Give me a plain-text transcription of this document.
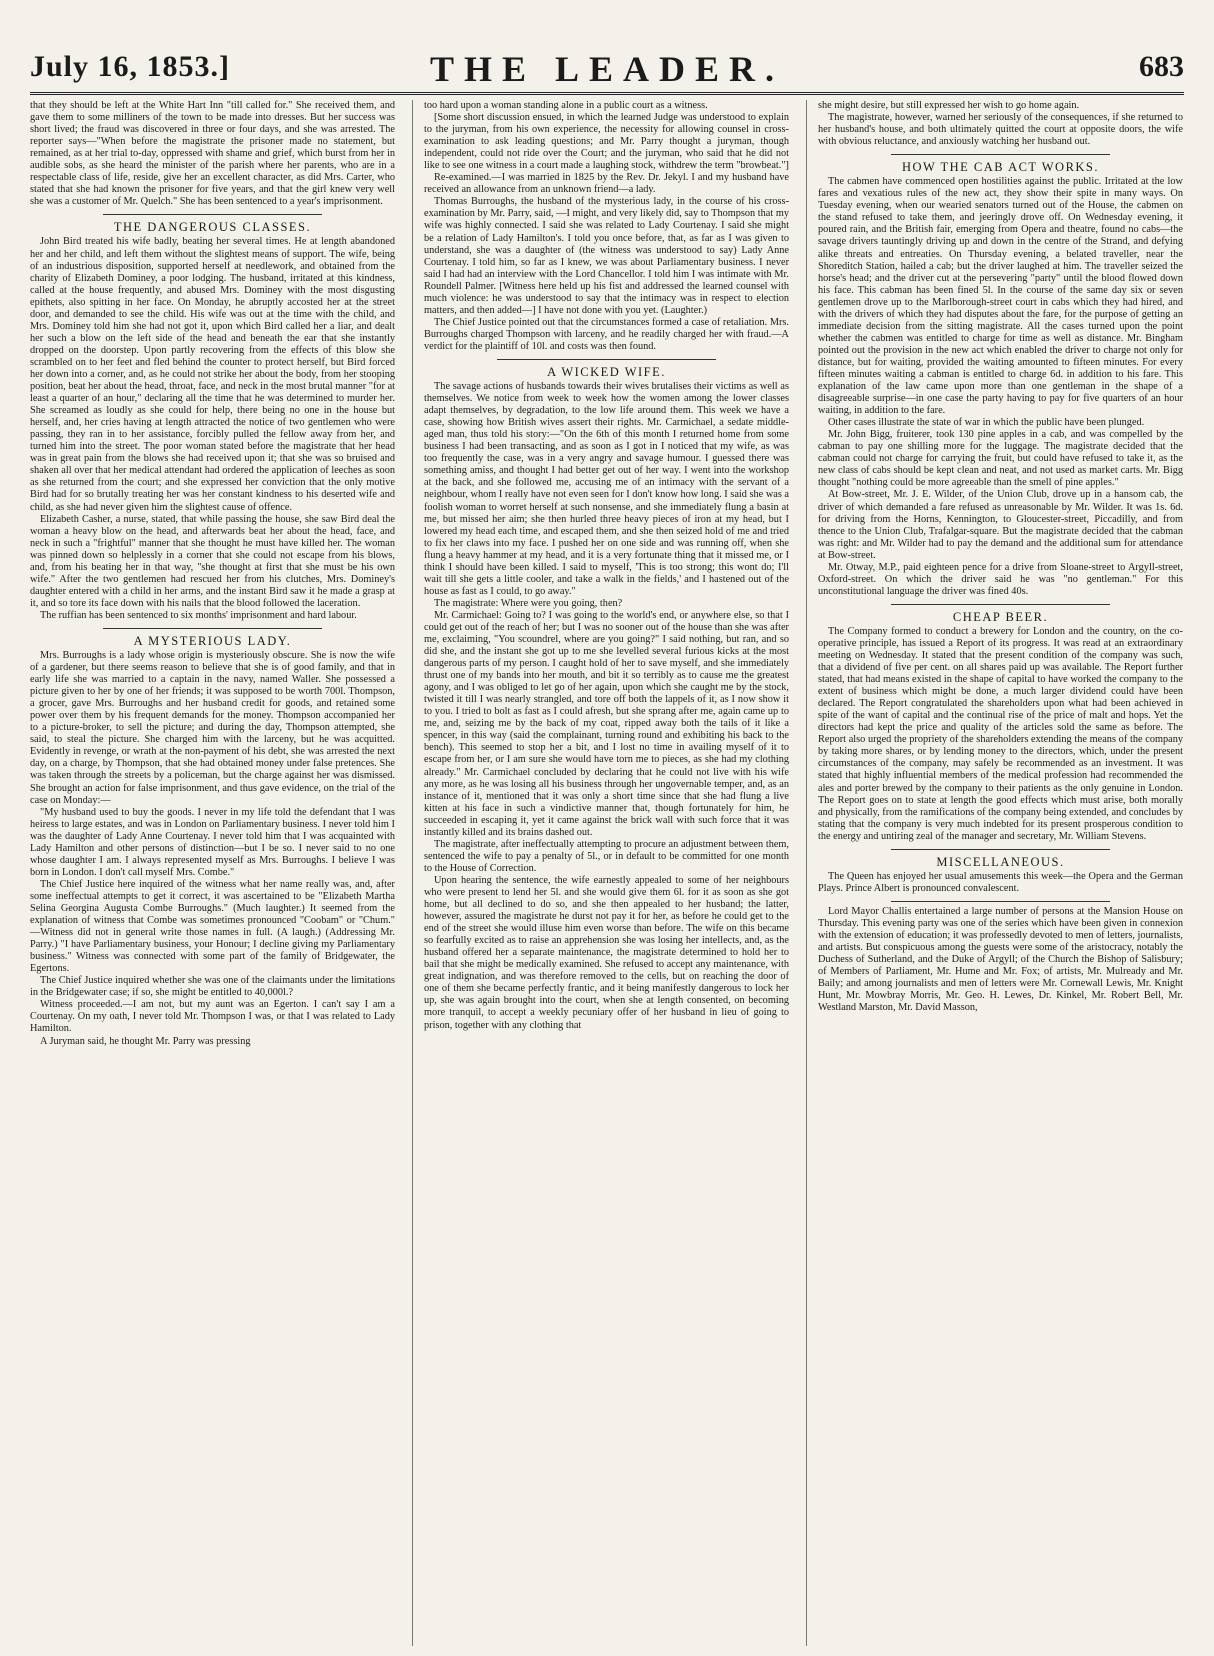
July 16, 1853.]	THE LEADER.	683

that they should be left at the White Hart Inn "till called for." She received them, and gave them to some milliners of the town to be made into dresses. But her success was short lived; the fraud was discovered in three or four days, and she was arrested. The reporter says—"When before the magistrate the prisoner made no statement, but remained, as at her trial to-day, oppressed with shame and grief, which burst from her in audible sobs, as she heard the minister of the parish where her parents, who are in a respectable class of life, reside, give her an excellent character, as did Mrs. Carter, who stated that she had known the prisoner for five years, and that the girl knew very well she was a customer of Mr. Quelch." She has been sentenced to a year's imprisonment.

THE DANGEROUS CLASSES.

John Bird treated his wife badly, beating her several times. He at length abandoned her and her child, and left them without the slightest means of support. The wife, being of an industrious disposition, supported herself at needlework, and obtained from the charity of Elizabeth Dominey, a poor lodging. The husband, irritated at this kindness, called at the house frequently, and abused Mrs. Dominey with the most disgusting epithets, also spitting in her face. On Monday, he abruptly accosted her at the street door, and demanded to see the child. His wife was out at the time with the child, and Mrs. Dominey told him she had not got it, upon which Bird called her a liar, and dealt her such a blow on the left side of the head and beneath the ear that she instantly dropped on the doorstep. Upon partly recovering from the effects of this blow she scrambled on to her feet and fled behind the counter to protect herself, but Bird forced her down into a corner, and, as he could not strike her about the body, from her stooping position, beat her about the head, throat, face, and neck in the most brutal manner "for at least a quarter of an hour," declaring all the time that he was determined to murder her. She screamed as loudly as she could for help, there being no one in the house but herself, and, her cries having at length attracted the notice of two gentlemen who were passing, they ran in to her assistance, forcibly pulled the fellow away from her, and turned him into the street. The poor woman stated before the magistrate that her head was in great pain from the blows she had received upon it; that she was so bruised and shaken all over that her medical attendant had ordered the application of leeches as soon as she returned from the court; and she expressed her conviction that the only motive Bird had for so brutally treating her was her constant kindness to his deserted wife and child, as she had never given him the slightest cause of offence.

Elizabeth Casher, a nurse, stated, that while passing the house, she saw Bird deal the woman a heavy blow on the head, and afterwards beat her about the head, face, and neck in such a "frightful" manner that she thought he must have killed her. The woman was pinned down so helplessly in a corner that she could not escape from his blows, and, from his beating her in that way, "she thought at first that she must be his own wife." After the two gentlemen had rescued her from his clutches, Mrs. Dominey's daughter entered with a child in her arms, and the instant Bird saw it he made a grasp at it, and so tore its face down with his nails that the blood followed the laceration.

The ruffian has been sentenced to six months' imprisonment and hard labour.

A MYSTERIOUS LADY.

Mrs. Burroughs is a lady whose origin is mysteriously obscure. She is now the wife of a gardener, but there seems reason to believe that she is of good family, and that in early life she was married to a captain in the navy, named Waller. She possessed a picture given to her by one of her friends; it was supposed to be worth 700l. Thompson, a grocer, gave Mrs. Burroughs and her husband credit for goods, and retained some power over them by his frequent demands for the money. Thompson accompanied her to a picture-broker, to sell the picture; and during the day, Thompson attempted, she said, to steal the picture. She charged him with the larceny, but he was acquitted. Evidently in revenge, or wrath at the non-payment of his debt, she was arrested the next day, on a charge, by Thompson, that she had obtained money under false pretences. She was taken through the streets by a policeman, but the charge against her was dismissed. She brought an action for false imprisonment, and thus gave evidence, on the trial of the case on Monday:—

"My husband used to buy the goods. I never in my life told the defendant that I was heiress to large estates, and was in London on Parliamentary business. I never told him I was the daughter of Lady Anne Courtenay. I never told him that I was acquainted with Lady Hamilton and other persons of distinction—but I be so. I never said to no one whose daughter I am. I always represented myself as Mrs. Burroughs. I believe I was born in London. I don't call myself Mrs. Combe."

The Chief Justice here inquired of the witness what her name really was, and, after some ineffectual attempts to get it correct, it was ascertained to be "Elizabeth Martha Selina Georgina Augusta Combe Burroughs." (Much laughter.) It seemed from the explanation of witness that Combe was sometimes pronounced "Coobam" or "Chum." —Witness did not in general write those names in full. (A laugh.) (Addressing Mr. Parry.) "I have Parliamentary business, your Honour; I decline giving my Parliamentary business." Witness was connected with some part of the family of Bridgewater, the Egertons.

The Chief Justice inquired whether she was one of the claimants under the limitations in the Bridgewater case; if so, she might be entitled to 40,000l.?

Witness proceeded.—I am not, but my aunt was an Egerton. I can't say I am a Courtenay. On my oath, I never told Mr. Thompson I was, or that I was related to Lady Hamilton.

A Juryman said, he thought Mr. Parry was pressing

too hard upon a woman standing alone in a public court as a witness.

[Some short discussion ensued, in which the learned Judge was understood to explain to the juryman, from his own experience, the necessity for allowing counsel in cross-examination to ask leading questions; and Mr. Parry thought a juryman, though independent, could not ride over the Court; and the juryman, who said that he did not like to see one witness in a court made a laughing stock, withdrew the term "browbeat."]

Re-examined.—I was married in 1825 by the Rev. Dr. Jekyl. I and my husband have received an allowance from an unknown friend—a lady.

Thomas Burroughs, the husband of the mysterious lady, in the course of his cross-examination by Mr. Parry, said, —I might, and very likely did, say to Thompson that my wife was highly connected. I said she was related to Lady Courtenay. I said she might be a relation of Lady Hamilton's. I told you once before, that, as far as I was given to understand, she was a daughter of (the witness was understood to say) Lady Anne Courtenay. I told him, so far as I knew, we was about Parliamentary business. I never said I had had an interview with the Lord Chancellor. I told him I was intimate with Mr. Roundell Palmer. [Witness here held up his fist and addressed the learned counsel with much violence: he was understood to say that the intimacy was in respect to election matters, and then added—] I have not done with you yet. (Laughter.)

The Chief Justice pointed out that the circumstances formed a case of retaliation. Mrs. Burroughs charged Thompson with larceny, and he readily charged her with fraud.—A verdict for the plaintiff of 10l. and costs was then found.

A WICKED WIFE.

The savage actions of husbands towards their wives brutalises their victims as well as themselves. We notice from week to week how the women among the lower classes adapt themselves, by degradation, to the low life around them. This week we have a case, showing how British wives assert their rights. Mr. Carmichael, a sedate middle-aged man, thus told his story:—"On the 6th of this month I returned home from some business I had been transacting, and as soon as I got in I noticed that my wife, as was too frequently the case, was in a very angry and savage humour. I guessed there was something amiss, and thought I had better get out of her way. I went into the workshop at the back, and she followed me, accusing me of an intimacy with the servant of a neighbour, whom I really have not even seen for I don't know how long. I said she was a foolish woman to worret herself at such nonsense, and she immediately flung a basin at me, but missed her aim; she then hurled three heavy pieces of iron at my head, but I lowered my head each time, and escaped them, and she then seized hold of me and tried to fix her claws into my face. I pushed her on one side and was running off, when she flung a heavy hammer at my head, and it is a very fortunate thing that it missed me, or I think I should have been killed. I said to myself, 'This is too strong; this wont do; I'll wait till she gets a little cooler, and take a walk in the fields,' and I hastened out of the house as fast as I could, to go away."

The magistrate: Where were you going, then?

Mr. Carmichael: Going to? I was going to the world's end, or anywhere else, so that I could get out of the reach of her; but I was no sooner out of the house than she was after me, exclaiming, "You scoundrel, where are you going?" I said nothing, but ran, and so did she, and the instant she got up to me she levelled several furious kicks at the most dangerous parts of my person. I caught hold of her to save myself, and she immediately thrust one of my bands into her mouth, and bit it so terribly as to cause me the greatest agony, and I was obliged to let go of her again, upon which she caught me by the stock, twisted it till I was nearly strangled, and tore off both the lappels of it, as I now show it to you. I tried to bolt as fast as I could afresh, but she sprang after me, again came up to me, and, seizing me by the back of my coat, ripped away both the tails of it like a spencer, in this way (said the complainant, turning round and exhibiting his back to the bench). This seemed to stop her a bit, and I lost no time in availing myself of it to escape from her, or I am sure she would have torn me to pieces, as she had my clothing already." Mr. Carmichael concluded by declaring that he could not live with his wife any more, as he was losing all his business through her ungovernable temper, and, as an instance of it, mentioned that it was only a short time since that she had flung a live kitten at his face in such a vindictive manner that, though fortunately for him, he succeeded in escaping it, yet it came against the brick wall with such force that it was instantly killed and its brains dashed out.

The magistrate, after ineffectually attempting to procure an adjustment between them, sentenced the wife to pay a penalty of 5l., or in default to be committed for one month to the House of Correction.

Upon hearing the sentence, the wife earnestly appealed to some of her neighbours who were present to lend her 5l. and she would give them 6l. for it as soon as she got home, but all declined to do so, and she then appealed to her husband; the latter, however, assured the magistrate he durst not pay it for her, as before he could get to the end of the street she would illuse him even worse than before. The wife on this became so fearfully excited as to raise an apprehension she was losing her intellects, and, as the husband offered her a separate maintenance, the magistrate determined to hold her to bail that she might be medically examined. She refused to accept any maintenance, with great indignation, and was therefore removed to the cells, but on reaching the door of one of them she became perfectly frantic, and it being manifestly dangerous to lock her up, she was again brought into the court, when she at length consented, on becoming more tranquil, to accept a weekly pecuniary offer of her husband in lieu of going to prison, together with any clothing that

she might desire, but still expressed her wish to go home again.

The magistrate, however, warned her seriously of the consequences, if she returned to her husband's house, and both ultimately quitted the court at opposite doors, the wife with obvious reluctance, and anxiously watching her husband out.

HOW THE CAB ACT WORKS.

The cabmen have commenced open hostilities against the public. Irritated at the low fares and vexatious rules of the new act, they show their spite in many ways. On Tuesday evening, when our wearied senators turned out of the House, the cabmen on the stand refused to take them, and jeeringly drove off. On Wednesday evening, it poured rain, and the British fair, emerging from Opera and theatre, found no cabs—the savage drivers tauntingly driving up and down in the centre of the Strand, and defying alike threats and entreaties. On Thursday evening, a belated traveller, near the Shoreditch Station, hailed a cab; but the driver laughed at him. The traveller seized the horse's head; and the driver cut at the persevering "party" until the blood flowed down his face. This cabman has been fined 5l. In the course of the same day six or seven gentlemen drove up to the Marlborough-street court in cabs which they had hired, and with the drivers of which they had disputes about the fare, for the purpose of getting an immediate decision from the sitting magistrate. All the cases turned upon the point whether the cabmen was entitled to charge for time as well as distance. Mr. Bingham pointed out the provision in the new act which enabled the driver to charge not only for distance, but for waiting, provided the waiting amounted to fifteen minutes. For every fifteen minutes waiting a cabman is entitled to charge 6d. in addition to his fare. This explanation of the law came upon more than one gentleman in the shape of a disagreeable surprise—in one case the party having to pay for five quarters of an hour waiting, in addition to the fare.

Other cases illustrate the state of war in which the public have been plunged.

Mr. John Bigg, fruiterer, took 130 pine apples in a cab, and was compelled by the cabman to pay one shilling more for the luggage. The magistrate decided that the cabman could not charge for carrying the fruit, but could have refused to take it, as the new class of cabs should be kept clean and neat, and not used as market carts. Mr. Bigg thought "nothing could be more agreeable than the smell of pine apples."

At Bow-street, Mr. J. E. Wilder, of the Union Club, drove up in a hansom cab, the driver of which demanded a fare refused as unreasonable by Mr. Wilder. It was 1s. 6d. for driving from the Horns, Kennington, to Gloucester-street, Piccadilly, and from thence to the Union Club, Trafalgar-square. But the magistrate decided that the cabman was right: and Mr. Wilder had to pay the demand and the additional sum for attendance at Bow-street.

Mr. Otway, M.P., paid eighteen pence for a drive from Sloane-street to Argyll-street, Oxford-street. On which the driver said he was "no gentleman." For this unconstitutional language the driver was fined 40s.

CHEAP BEER.

The Company formed to conduct a brewery for London and the country, on the co-operative principle, has issued a Report of its progress. It was read at an extraordinary meeting on Wednesday. It stated that the present condition of the company was such, that a dividend of five per cent. on all shares paid up was available. The Report further stated, that had means existed in the shape of capital to have worked the company to the extent of business which might be done, a much larger dividend could have been declared. The Report congratulated the shareholders upon what had been achieved in spite of the want of capital and the continual rise of the price of malt and hops. Yet the directors had kept the price and quality of the articles sold the same as before. The Report also urged the propriety of the shareholders extending the means of the company by taking more shares, or by lending money to the directors, which, under the present circumstances of the company, may safely be recommended as an investment. It was stated that highly influential members of the medical profession had recommended the ales and porter brewed by the company to their patients as the only genuine in London. The Report goes on to state at length the good effects which must arise, both morally and physically, from the ramifications of the company being extended, and concludes by stating that the company is very much indebted for its present prosperous condition to the energy and untiring zeal of the manager and secretary, Mr. William Stevens.

MISCELLANEOUS.

The Queen has enjoyed her usual amusements this week—the Opera and the German Plays. Prince Albert is pronounced convalescent.

Lord Mayor Challis entertained a large number of persons at the Mansion House on Thursday. This evening party was one of the series which have been given in connexion with the extension of education; it was professedly devoted to men of letters, journalists, and artists. But conspicuous among the guests were some of the aristocracy, notably the Duchess of Sutherland, and the Duke of Argyll; of the Church the Bishop of Salisbury; of Members of Parliament, Mr. Hume and Mr. Fox; of artists, Mr. Mulready and Mr. Baily; and among journalists and men of letters were Mr. Cornewall Lewis, Mr. Knight Hunt, Mr. Mowbray Morris, Mr. Geo. H. Lewes, Dr. Kinkel, Mr. Robert Bell, Mr. Westland Marston, Mr. David Masson,
